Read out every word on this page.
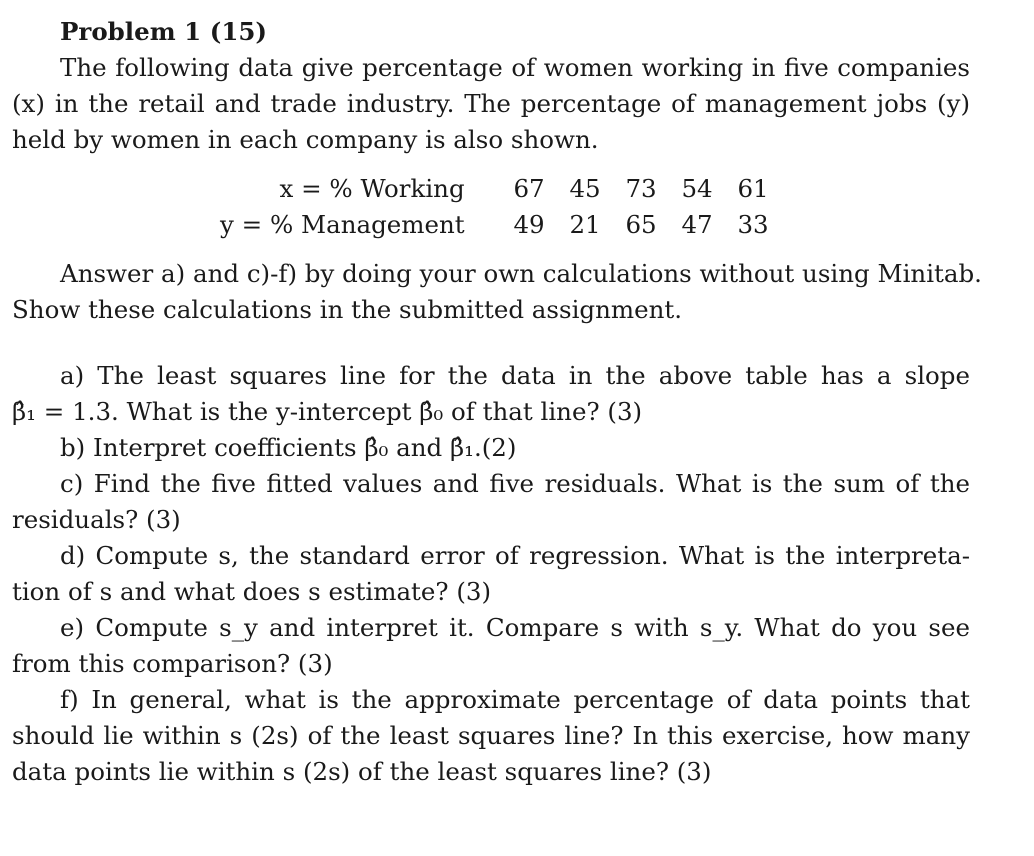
Problem 1 (15)
The following data give percentage of women working in five companies
(x) in the retail and trade industry. The percentage of management jobs (y)
held by women in each company is also shown.
x = % Working	67	45	73	54	61
y = % Management	49	21	65	47	33
Answer a) and c)-f) by doing your own calculations without using Minitab.
Show these calculations in the submitted assignment.
a) The least squares line for the data in the above table has a slope
β̂₁ = 1.3. What is the y-intercept β̂₀ of that line? (3)
b) Interpret coefficients β̂₀ and β̂₁.(2)
c) Find the five fitted values and five residuals. What is the sum of the
residuals? (3)
d) Compute s, the standard error of regression. What is the interpreta-
tion of s and what does s estimate? (3)
e) Compute s_y and interpret it. Compare s with s_y. What do you see
from this comparison? (3)
f) In general, what is the approximate percentage of data points that
should lie within s (2s) of the least squares line? In this exercise, how many
data points lie within s (2s) of the least squares line? (3)
